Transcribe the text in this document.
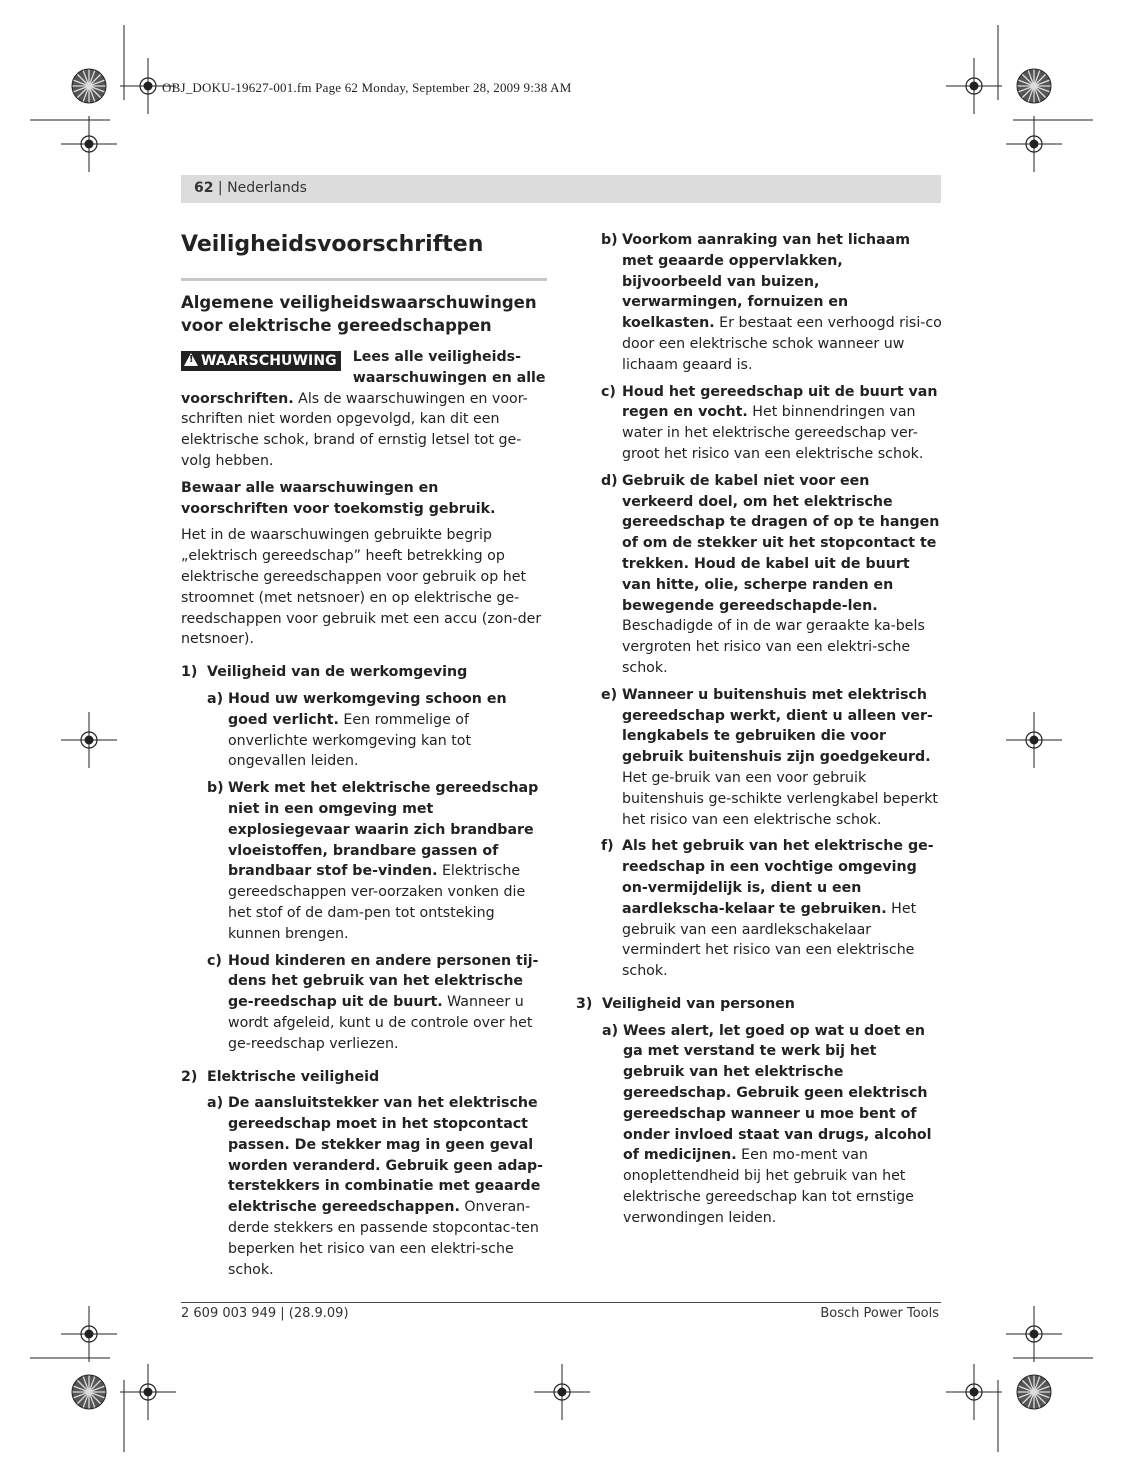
OBJ_DOKU-19627-001.fm Page 62 Monday, September 28, 2009 9:38 AM
62 | Nederlands
Veiligheidsvoorschriften
Algemene veiligheidswaarschuwingen voor elektrische gereedschappen

!WAARSCHUWING Lees alle veiligheids-waarschuwingen en alle voorschriften. Als de waarschuwingen en voor-schriften niet worden opgevolgd, kan dit een elektrische schok, brand of ernstig letsel tot ge-volg hebben.

Bewaar alle waarschuwingen en voorschriften voor toekomstig gebruik.

Het in de waarschuwingen gebruikte begrip „elektrisch gereedschap” heeft betrekking op elektrische gereedschappen voor gebruik op het stroomnet (met netsnoer) en op elektrische ge-reedschappen voor gebruik met een accu (zon-der netsnoer).

1) Veiligheid van de werkomgeving
a) Houd uw werkomgeving schoon en goed verlicht. Een rommelige of onverlichte werkomgeving kan tot ongevallen leiden.
b) Werk met het elektrische gereedschap niet in een omgeving met explosiegevaar waarin zich brandbare vloeistoffen, brandbare gassen of brandbaar stof be-vinden. Elektrische gereedschappen ver-oorzaken vonken die het stof of de dam-pen tot ontsteking kunnen brengen.
c) Houd kinderen en andere personen tij-dens het gebruik van het elektrische ge-reedschap uit de buurt. Wanneer u wordt afgeleid, kunt u de controle over het ge-reedschap verliezen.
2) Elektrische veiligheid
a) De aansluitstekker van het elektrische gereedschap moet in het stopcontact passen. De stekker mag in geen geval worden veranderd. Gebruik geen adap-terstekkers in combinatie met geaarde elektrische gereedschappen. Onveran-derde stekkers en passende stopcontac-ten beperken het risico van een elektri-sche schok.
b) Voorkom aanraking van het lichaam met geaarde oppervlakken, bijvoorbeeld van buizen, verwarmingen, fornuizen en koelkasten. Er bestaat een verhoogd risi-co door een elektrische schok wanneer uw lichaam geaard is.
c) Houd het gereedschap uit de buurt van regen en vocht. Het binnendringen van water in het elektrische gereedschap ver-groot het risico van een elektrische schok.
d) Gebruik de kabel niet voor een verkeerd doel, om het elektrische gereedschap te dragen of op te hangen of om de stekker uit het stopcontact te trekken. Houd de kabel uit de buurt van hitte, olie, scherpe randen en bewegende gereedschapde-len. Beschadigde of in de war geraakte ka-bels vergroten het risico van een elektri-sche schok.
e) Wanneer u buitenshuis met elektrisch gereedschap werkt, dient u alleen ver-lengkabels te gebruiken die voor gebruik buitenshuis zijn goedgekeurd. Het ge-bruik van een voor gebruik buitenshuis ge-schikte verlengkabel beperkt het risico van een elektrische schok.
f) Als het gebruik van het elektrische ge-reedschap in een vochtige omgeving on-vermijdelijk is, dient u een aardlekscha-kelaar te gebruiken. Het gebruik van een aardlekschakelaar vermindert het risico van een elektrische schok.
3) Veiligheid van personen
a) Wees alert, let goed op wat u doet en ga met verstand te werk bij het gebruik van het elektrische gereedschap. Gebruik geen elektrisch gereedschap wanneer u moe bent of onder invloed staat van drugs, alcohol of medicijnen. Een mo-ment van onoplettendheid bij het gebruik van het elektrische gereedschap kan tot ernstige verwondingen leiden.
2 609 003 949 | (28.9.09)	Bosch Power Tools
